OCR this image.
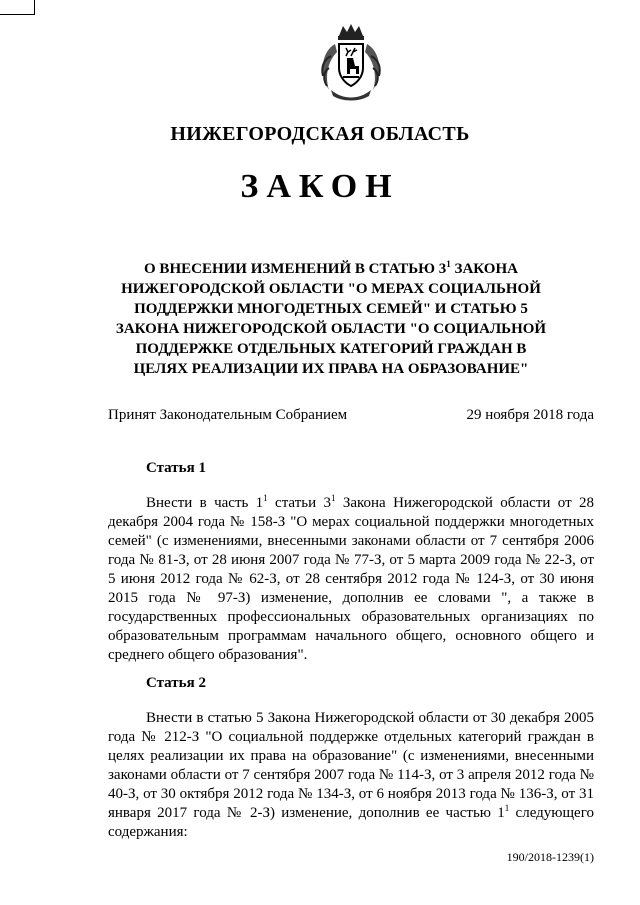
НИЖЕГОРОДСКАЯ ОБЛАСТЬ
ЗАКОН
О ВНЕСЕНИИ ИЗМЕНЕНИЙ В СТАТЬЮ $3^1$ ЗАКОНА НИЖЕГОРОДСКОЙ ОБЛАСТИ "О МЕРАХ СОЦИАЛЬНОЙ ПОДДЕРЖКИ МНОГОДЕТНЫХ СЕМЕЙ" И СТАТЬЮ 5 ЗАКОНА НИЖЕГОРОДСКОЙ ОБЛАСТИ "О СОЦИАЛЬНОЙ ПОДДЕРЖКЕ ОТДЕЛЬНЫХ КАТЕГОРИЙ ГРАЖДАН В ЦЕЛЯХ РЕАЛИЗАЦИИ ИХ ПРАВА НА ОБРАЗОВАНИЕ"
Принят Законодательным Собранием	29 ноября 2018 года
Статья 1
Внести в часть $1^1$ статьи $3^1$ Закона Нижегородской области от 28 декабря 2004 года № 158-З "О мерах социальной поддержки многодетных семей" (с изменениями, внесенными законами области от 7 сентября 2006 года № 81-З, от 28 июня 2007 года № 77-З, от 5 марта 2009 года № 22-З, от 5 июня 2012 года № 62-З, от 28 сентября 2012 года № 124-З, от 30 июня 2015 года № 97-З) изменение, дополнив ее словами ", а также в государственных профессиональных образовательных организациях по образовательным программам начального общего, основного общего и среднего общего образования".
Статья 2
Внести в статью 5 Закона Нижегородской области от 30 декабря 2005 года № 212-З "О социальной поддержке отдельных категорий граждан в целях реализации их права на образование" (с изменениями, внесенными законами области от 7 сентября 2007 года № 114-З, от 3 апреля 2012 года № 40-З, от 30 октября 2012 года № 134-З, от 6 ноября 2013 года № 136-З, от 31 января 2017 года № 2-З) изменение, дополнив ее частью $1^1$ следующего содержания:
190/2018-1239(1)
